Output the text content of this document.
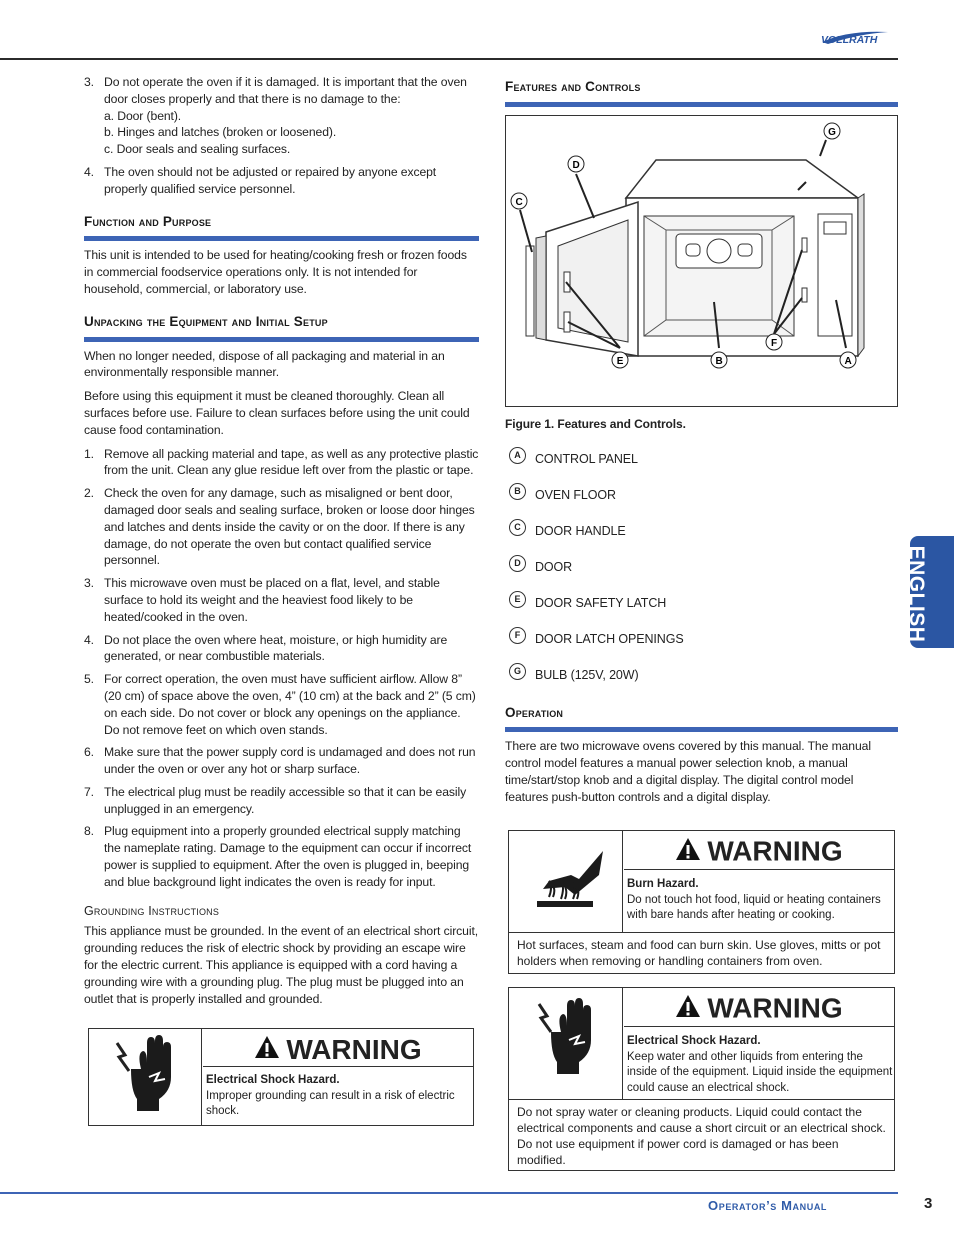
VOLLRATH
3. Do not operate the oven if it is damaged. It is important that the oven door closes properly and that there is no damage to the:
a. Door (bent).
b. Hinges and latches (broken or loosened).
c. Door seals and sealing surfaces.
4. The oven should not be adjusted or repaired by anyone except properly qualified service personnel.
Function and Purpose

This unit is intended to be used for heating/cooking fresh or frozen foods in commercial foodservice operations only. It is not intended for household, commercial, or laboratory use.

Unpacking the Equipment and Initial Setup

When no longer needed, dispose of all packaging and material in an environmentally responsible manner.

Before using this equipment it must be cleaned thoroughly. Clean all surfaces before use. Failure to clean surfaces before using the unit could cause food contamination.

1. Remove all packing material and tape, as well as any protective plastic from the unit. Clean any glue residue left over from the plastic or tape.
2. Check the oven for any damage, such as misaligned or bent door, damaged door seals and sealing surface, broken or loose door hinges and latches and dents inside the cavity or on the door. If there is any damage, do not operate the oven but contact qualified service personnel.
3. This microwave oven must be placed on a flat, level, and stable surface to hold its weight and the heaviest food likely to be heated/cooked in the oven.
4. Do not place the oven where heat, moisture, or high humidity are generated, or near combustible materials.
5. For correct operation, the oven must have sufficient airflow. Allow 8” (20 cm) of space above the oven, 4” (10 cm) at the back and 2” (5 cm) on each side. Do not cover or block any openings on the appliance. Do not remove feet on which oven stands.
6. Make sure that the power supply cord is undamaged and does not run under the oven or over any hot or sharp surface.
7. The electrical plug must be readily accessible so that it can be easily unplugged in an emergency.
8. Plug equipment into a properly grounded electrical supply matching the nameplate rating. Damage to the equipment can occur if incorrect power is supplied to equipment. After the oven is plugged in, beeping and blue background light indicates the oven is ready for input.
Grounding Instructions

This appliance must be grounded. In the event of an electrical short circuit, grounding reduces the risk of electric shock by providing an escape wire for the electric current. This appliance is equipped with a cord having a grounding wire with a grounding plug. The plug must be plugged into an outlet that is properly installed and grounded.

WARNING
Electrical Shock Hazard.
Improper grounding can result in a risk of electric shock.
Features and Controls
G
D
C
E	B
F
A
Figure 1. Features and Controls.
A	CONTROL PANEL
B	OVEN FLOOR
C	DOOR HANDLE
D	DOOR
E	DOOR SAFETY LATCH
F	DOOR LATCH OPENINGS
G	BULB (125V, 20W)
Operation

There are two microwave ovens covered by this manual. The manual control model features a manual power selection knob, a manual time/start/stop knob and a digital display. The digital control model features push-button controls and a digital display.

WARNING
Burn Hazard.
Do not touch hot food, liquid or heating containers with bare hands after heating or cooking.
Hot surfaces, steam and food can burn skin. Use gloves, mitts or pot holders when removing or handling containers from oven.
WARNING
Electrical Shock Hazard.
Keep water and other liquids from entering the inside of the equipment. Liquid inside the equipment could cause an electrical shock.
Do not spray water or cleaning products. Liquid could contact the electrical components and cause a short circuit or an electrical shock. Do not use equipment if power cord is damaged or has been modified.
ENGLISH
Operator’s Manual	3
